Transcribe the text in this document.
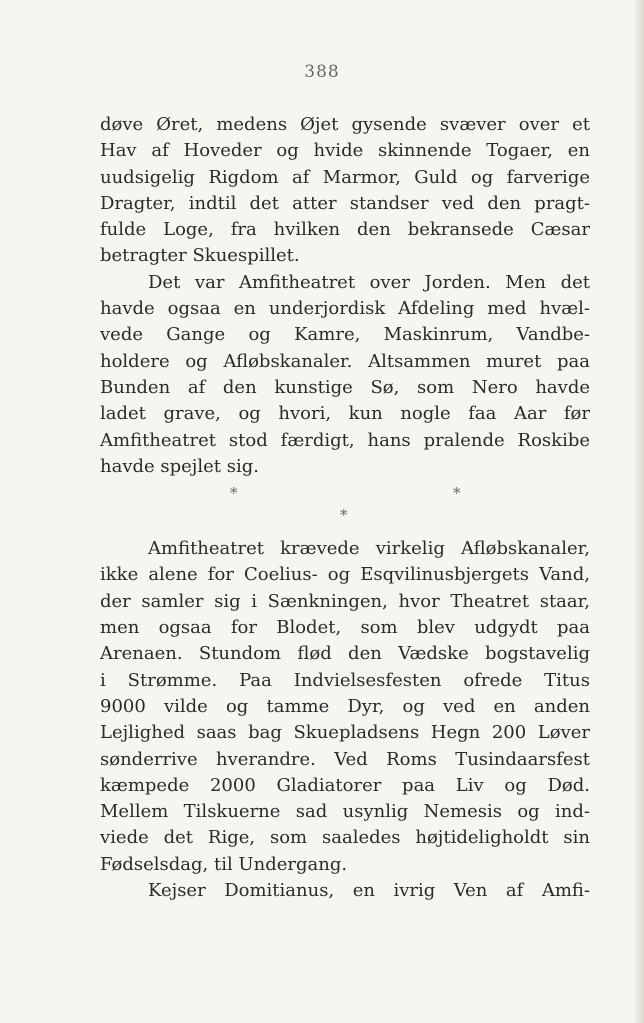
388
døve Øret, medens Øjet gysende svæver over et
Hav af Hoveder og hvide skinnende Togaer, en
uudsigelig Rigdom af Marmor, Guld og farverige
Dragter, indtil det atter standser ved den pragt-
fulde Loge, fra hvilken den bekransede Cæsar
betragter Skuespillet.
Det var Amfitheatret over Jorden. Men det
havde ogsaa en underjordisk Afdeling med hvæl-
vede Gange og Kamre, Maskinrum, Vandbe-
holdere og Afløbskanaler. Altsammen muret paa
Bunden af den kunstige Sø, som Nero havde
ladet grave, og hvori, kun nogle faa Aar før
Amfitheatret stod færdigt, hans pralende Roskibe
havde spejlet sig.
*	*
*
Amfitheatret krævede virkelig Afløbskanaler,
ikke alene for Coelius- og Esqvilinusbjergets Vand,
der samler sig i Sænkningen, hvor Theatret staar,
men ogsaa for Blodet, som blev udgydt paa
Arenaen. Stundom flød den Vædske bogstavelig
i Strømme. Paa Indvielsesfesten ofrede Titus
9000 vilde og tamme Dyr, og ved en anden
Lejlighed saas bag Skuepladsens Hegn 200 Løver
sønderrive hverandre. Ved Roms Tusindaarsfest
kæmpede 2000 Gladiatorer paa Liv og Død.
Mellem Tilskuerne sad usynlig Nemesis og ind-
viede det Rige, som saaledes højtideligholdt sin
Fødselsdag, til Undergang.
Kejser Domitianus, en ivrig Ven af Amfi-
